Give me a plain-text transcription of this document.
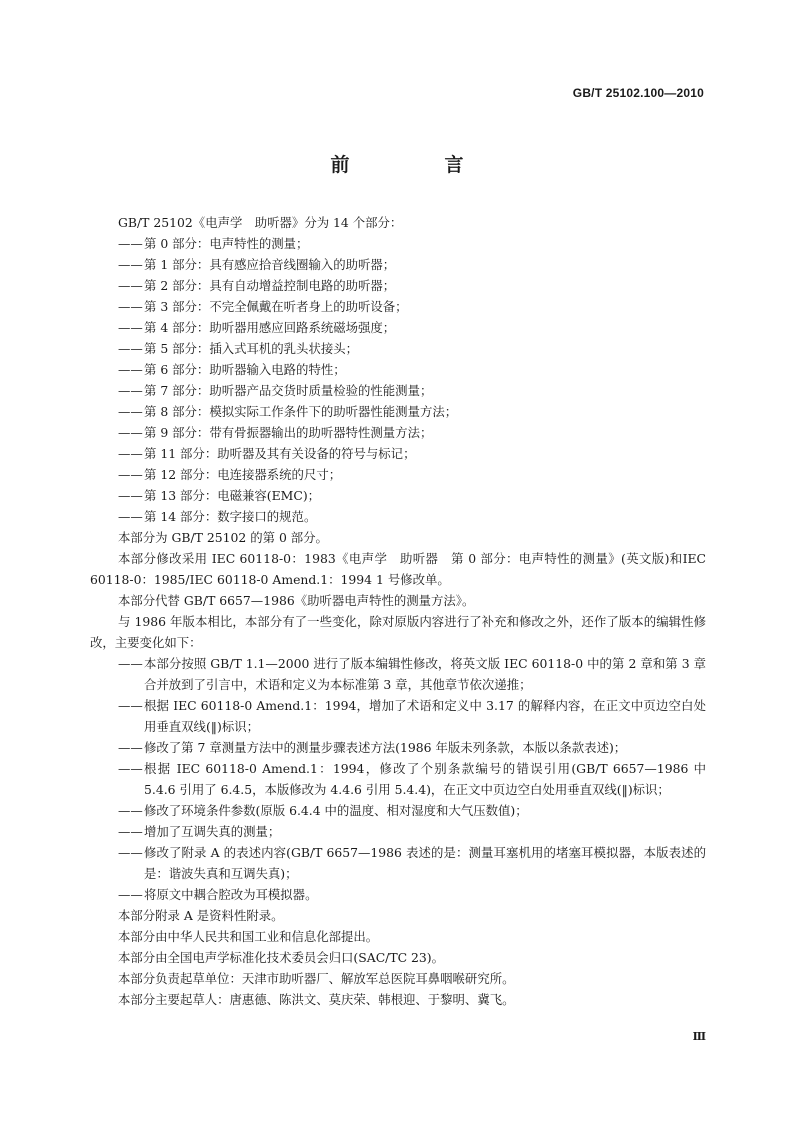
GB/T 25102.100—2010
前　言

GB/T 25102《电声学　助听器》分为 14 个部分：

—— 第 0 部分：电声特性的测量；

—— 第 1 部分：具有感应拾音线圈输入的助听器；

—— 第 2 部分：具有自动增益控制电路的助听器；

—— 第 3 部分：不完全佩戴在听者身上的助听设备；

—— 第 4 部分：助听器用感应回路系统磁场强度；

—— 第 5 部分：插入式耳机的乳头状接头；

—— 第 6 部分：助听器输入电路的特性；

—— 第 7 部分：助听器产品交货时质量检验的性能测量；

—— 第 8 部分：模拟实际工作条件下的助听器性能测量方法；

—— 第 9 部分：带有骨振器输出的助听器特性测量方法；

—— 第 11 部分：助听器及其有关设备的符号与标记；

—— 第 12 部分：电连接器系统的尺寸；

—— 第 13 部分：电磁兼容(EMC)；

—— 第 14 部分：数字接口的规范。

本部分为 GB/T 25102 的第 0 部分。

本部分修改采用 IEC 60118-0：1983《电声学　助听器　第 0 部分：电声特性的测量》(英文版)和IEC 60118-0：1985/IEC 60118-0 Amend.1：1994 1 号修改单。

本部分代替 GB/T 6657—1986《助听器电声特性的测量方法》。

与 1986 年版本相比，本部分有了一些变化，除对原版内容进行了补充和修改之外，还作了版本的编辑性修改，主要变化如下：

—— 本部分按照 GB/T 1.1—2000 进行了版本编辑性修改，将英文版 IEC 60118-0 中的第 2 章和第 3 章合并放到了引言中，术语和定义为本标准第 3 章，其他章节依次递推；

—— 根据 IEC 60118-0 Amend.1：1994，增加了术语和定义中 3.17 的解释内容，在正文中页边空白处用垂直双线(‖)标识；

—— 修改了第 7 章测量方法中的测量步骤表述方法(1986 年版未列条款，本版以条款表述)；

—— 根据 IEC 60118-0 Amend.1：1994，修改了个别条款编号的错误引用(GB/T 6657—1986 中 5.4.6 引用了 6.4.5，本版修改为 4.4.6 引用 5.4.4)，在正文中页边空白处用垂直双线(‖)标识；

—— 修改了环境条件参数(原版 6.4.4 中的温度、相对湿度和大气压数值)；

—— 增加了互调失真的测量；

—— 修改了附录 A 的表述内容(GB/T 6657—1986 表述的是：测量耳塞机用的堵塞耳模拟器，本版表述的是：谐波失真和互调失真)；

—— 将原文中耦合腔改为耳模拟器。

本部分附录 A 是资料性附录。

本部分由中华人民共和国工业和信息化部提出。

本部分由全国电声学标准化技术委员会归口(SAC/TC 23)。

本部分负责起草单位：天津市助听器厂、解放军总医院耳鼻咽喉研究所。

本部分主要起草人：唐惠德、陈洪文、莫庆荣、韩根迎、于黎明、冀飞。

Ⅲ
